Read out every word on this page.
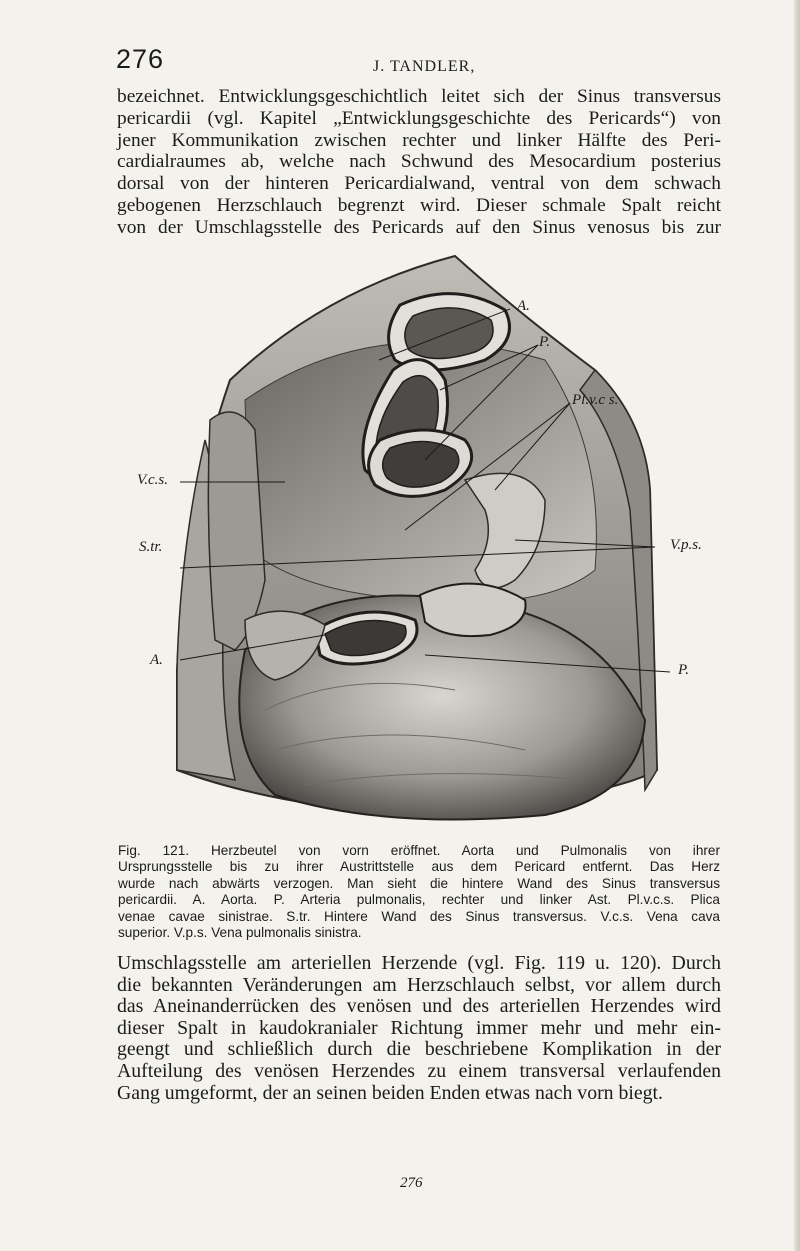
276	J. TANDLER,

bezeichnet. Entwicklungsgeschichtlich leitet sich der Sinus transversus
pericardii (vgl. Kapitel „Entwicklungsgeschichte des Pericards“) von
jener Kommunikation zwischen rechter und linker Hälfte des Peri-
cardialraumes ab, welche nach Schwund des Mesocardium posterius
dorsal von der hinteren Pericardialwand, ventral von dem schwach
gebogenen Herzschlauch begrenzt wird. Dieser schmale Spalt reicht
von der Umschlagsstelle des Pericards auf den Sinus venosus bis zur

A.
P.
Pl.v.c s.
V.c.s.
S.tr.	V.p.s.
A.
P.

Fig. 121. Herzbeutel von vorn eröffnet. Aorta und Pulmonalis von ihrer
Ursprungsstelle bis zu ihrer Austrittstelle aus dem Pericard entfernt. Das Herz
wurde nach abwärts verzogen. Man sieht die hintere Wand des Sinus transversus
pericardii. A. Aorta. P. Arteria pulmonalis, rechter und linker Ast. Pl.v.c.s. Plica
venae cavae sinistrae. S.tr. Hintere Wand des Sinus transversus. V.c.s. Vena cava
superior. V.p.s. Vena pulmonalis sinistra.

Umschlagsstelle am arteriellen Herzende (vgl. Fig. 119 u. 120). Durch
die bekannten Veränderungen am Herzschlauch selbst, vor allem durch
das Aneinanderrücken des venösen und des arteriellen Herzendes wird
dieser Spalt in kaudokranialer Richtung immer mehr und mehr ein-
geengt und schließlich durch die beschriebene Komplikation in der
Aufteilung des venösen Herzendes zu einem transversal verlaufenden
Gang umgeformt, der an seinen beiden Enden etwas nach vorn biegt.

276
